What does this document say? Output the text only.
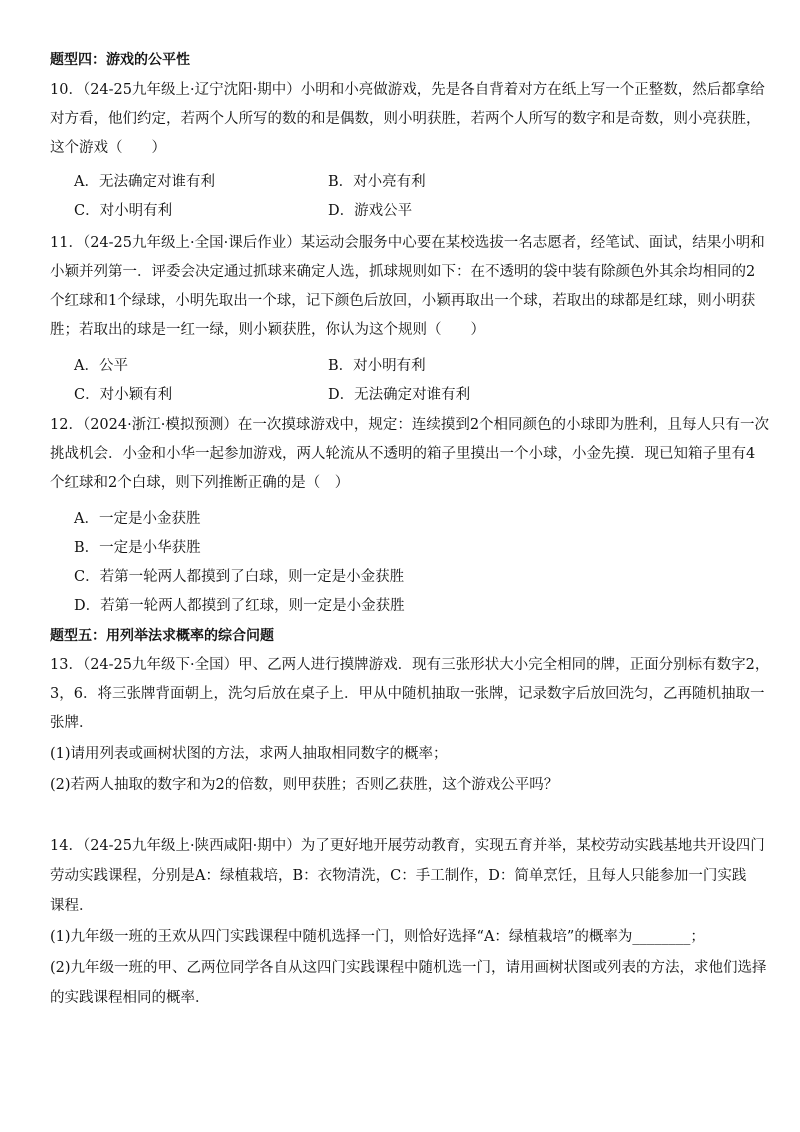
题型四：游戏的公平性
10．（24-25九年级上·辽宁沈阳·期中）小明和小亮做游戏，先是各自背着对方在纸上写一个正整数，然后都拿给
对方看，他们约定，若两个人所写的数的和是偶数，则小明获胜，若两个人所写的数字和是奇数，则小亮获胜，
这个游戏（　　）
A．无法确定对谁有利	B．对小亮有利
C．对小明有利	D．游戏公平
11．（24-25九年级上·全国·课后作业）某运动会服务中心要在某校选拔一名志愿者，经笔试、面试，结果小明和
小颖并列第一．评委会决定通过抓球来确定人选，抓球规则如下：在不透明的袋中装有除颜色外其余均相同的2
个红球和1个绿球，小明先取出一个球，记下颜色后放回，小颖再取出一个球，若取出的球都是红球，则小明获
胜；若取出的球是一红一绿，则小颖获胜，你认为这个规则（　　）
A．公平	B．对小明有利
C．对小颖有利	D．无法确定对谁有利
12．（2024·浙江·模拟预测）在一次摸球游戏中，规定：连续摸到2个相同颜色的小球即为胜利，且每人只有一次
挑战机会．小金和小华一起参加游戏，两人轮流从不透明的箱子里摸出一个小球，小金先摸．现已知箱子里有4
个红球和2个白球，则下列推断正确的是（　）
A．一定是小金获胜
B．一定是小华获胜
C．若第一轮两人都摸到了白球，则一定是小金获胜
D．若第一轮两人都摸到了红球，则一定是小金获胜
题型五：用列举法求概率的综合问题
13．（24-25九年级下·全国）甲、乙两人进行摸牌游戏．现有三张形状大小完全相同的牌，正面分别标有数字2，
3，6．将三张牌背面朝上，洗匀后放在桌子上．甲从中随机抽取一张牌，记录数字后放回洗匀，乙再随机抽取一
张牌．
(1)请用列表或画树状图的方法，求两人抽取相同数字的概率；
(2)若两人抽取的数字和为2的倍数，则甲获胜；否则乙获胜，这个游戏公平吗？
14．（24-25九年级上·陕西咸阳·期中）为了更好地开展劳动教育，实现五育并举，某校劳动实践基地共开设四门
劳动实践课程，分别是A：绿植栽培，B：衣物清洗，C：手工制作，D：简单烹饪，且每人只能参加一门实践
课程．
(1)九年级一班的王欢从四门实践课程中随机选择一门，则恰好选择“A：绿植栽培”的概率为________；
(2)九年级一班的甲、乙两位同学各自从这四门实践课程中随机选一门，请用画树状图或列表的方法，求他们选择
的实践课程相同的概率．
